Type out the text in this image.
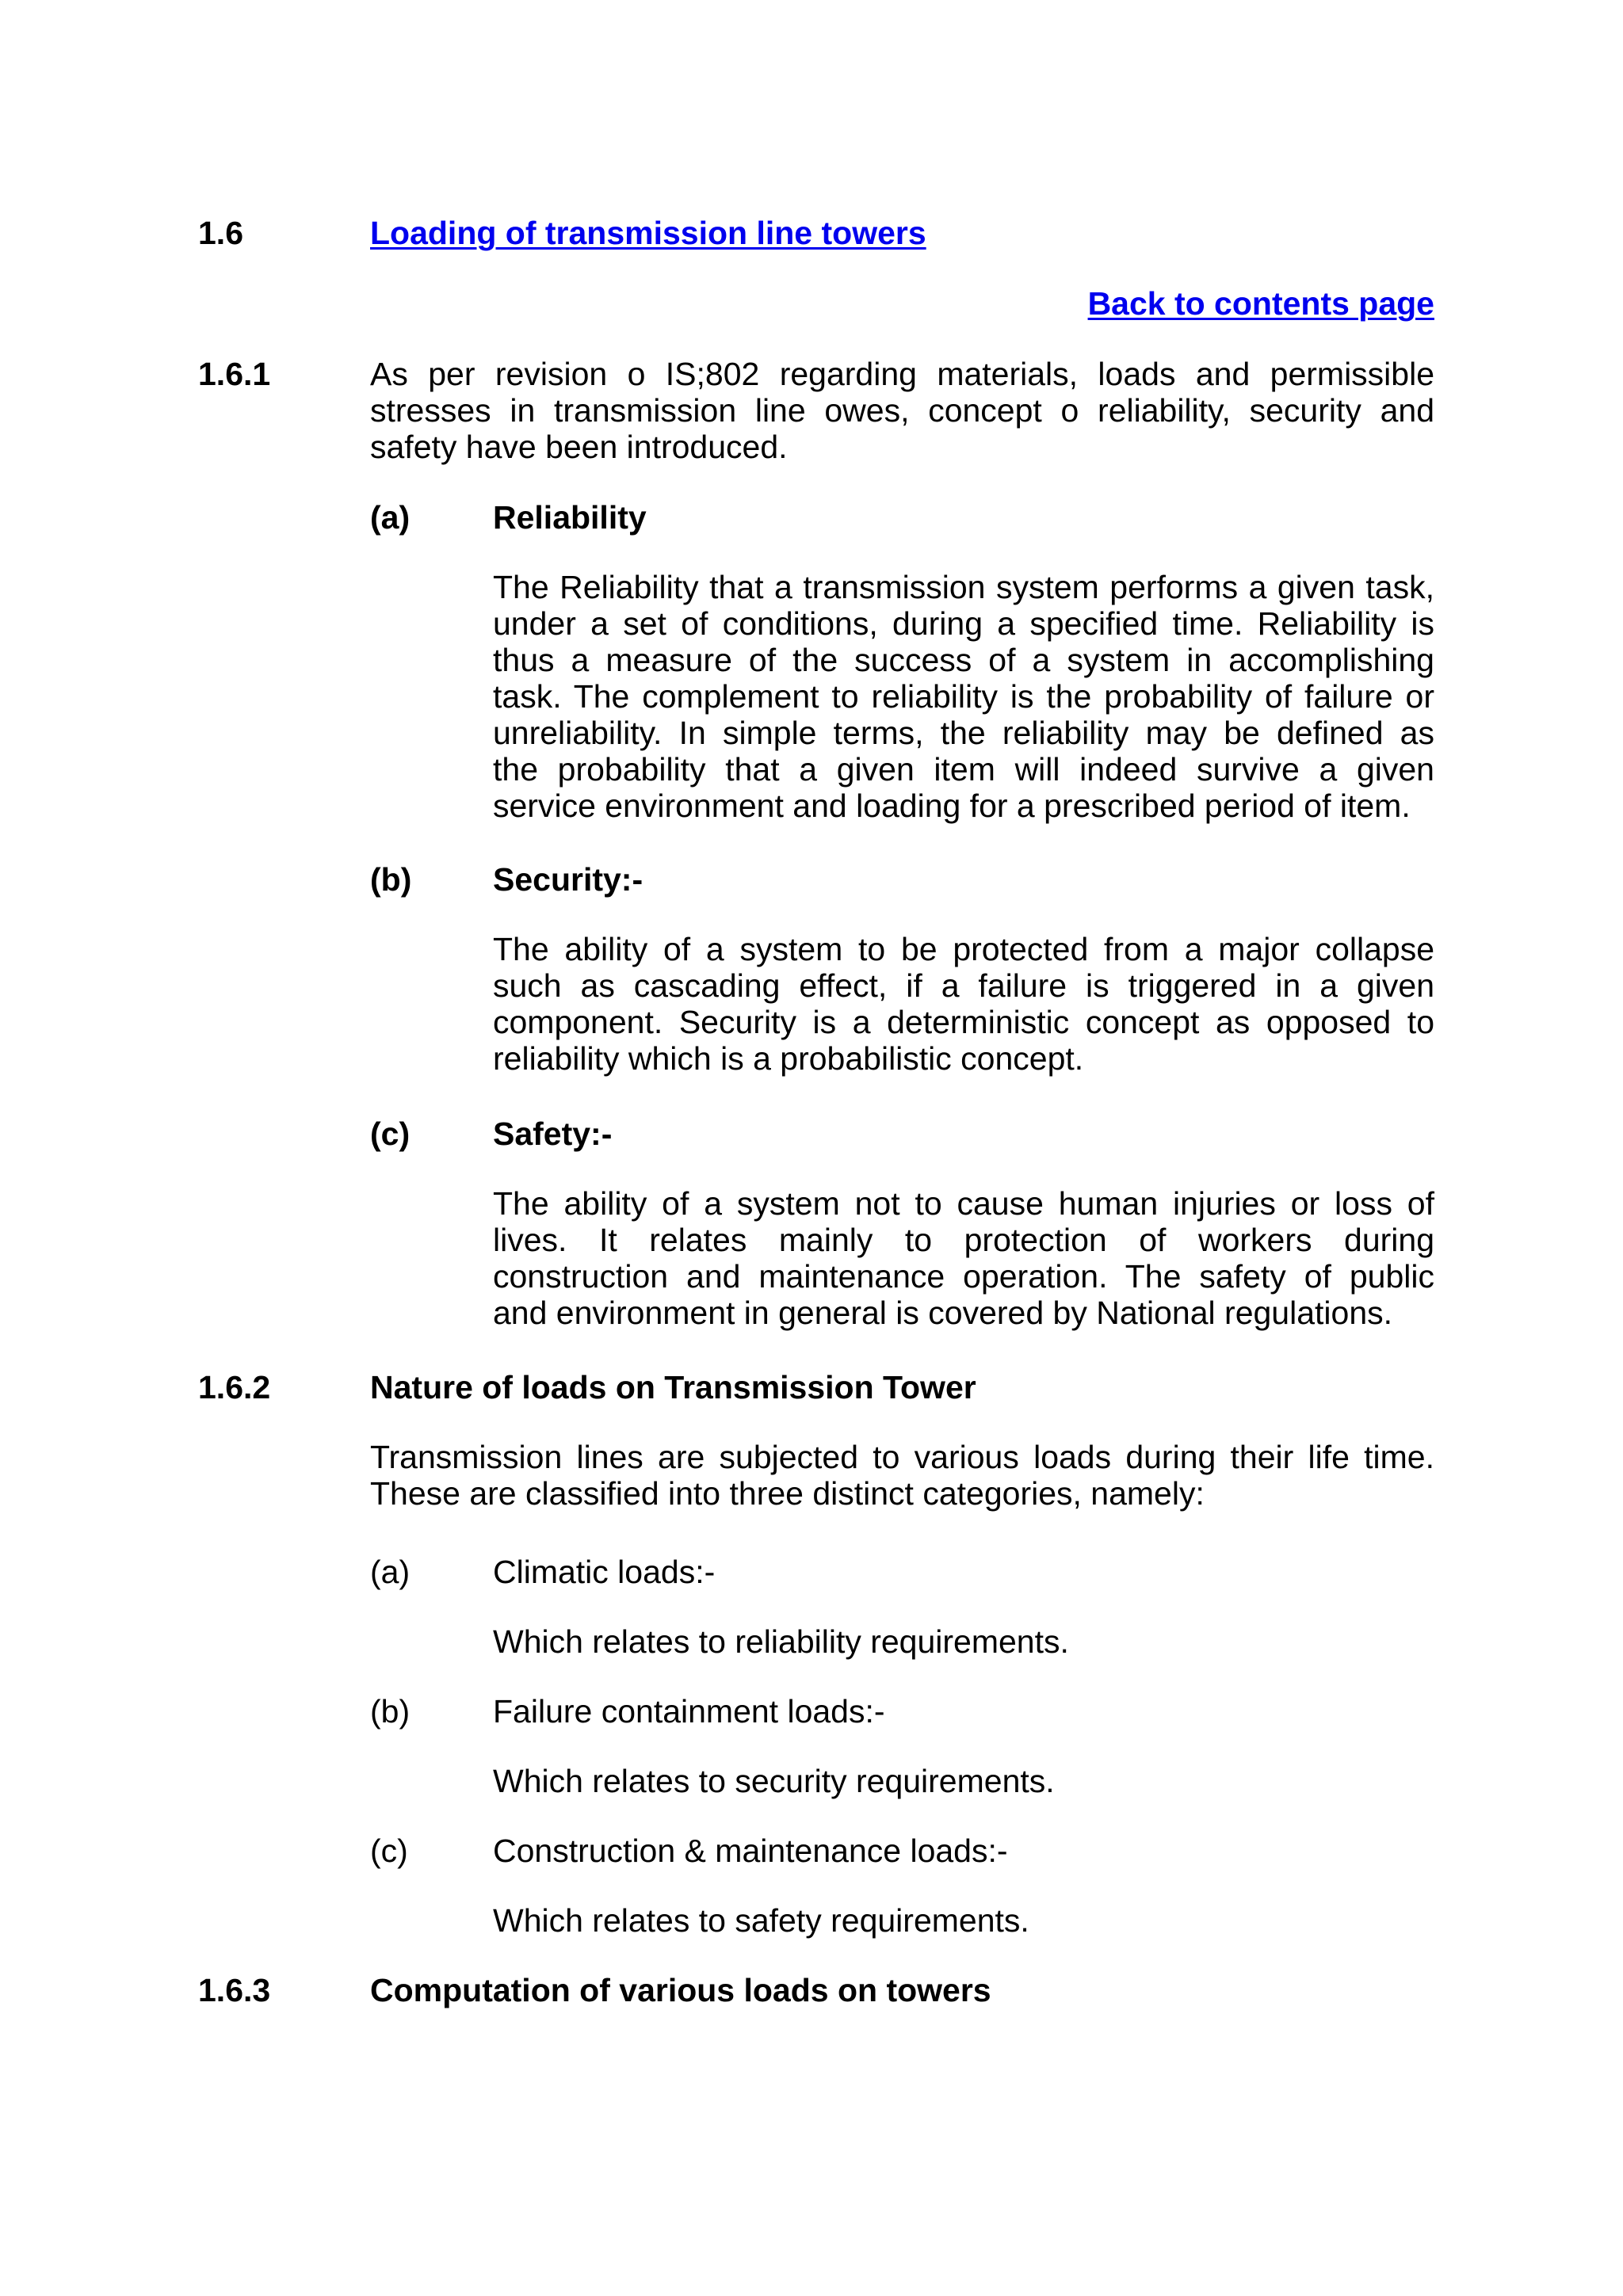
1.6	Loading of transmission line towers
Back to contents page
1.6.1	As per revision o IS;802 regarding materials, loads and permissible
stresses in transmission line owes, concept o reliability, security and
safety have been introduced.
(a)	Reliability
The Reliability that a transmission system performs a given task,
under a set of conditions, during a specified time. Reliability is
thus a measure of the success of a system in accomplishing
task. The complement to reliability is the probability of failure or
unreliability. In simple terms, the reliability may be defined as
the probability that a given item will indeed survive a given
service environment and loading for a prescribed period of item.
(b)	Security:-
The ability of a system to be protected from a major collapse
such as cascading effect, if a failure is triggered in a given
component. Security is a deterministic concept as opposed to
reliability which is a probabilistic concept.
(c)	Safety:-
The ability of a system not to cause human injuries or loss of
lives. It relates mainly to protection of workers during
construction and maintenance operation. The safety of public
and environment in general is covered by National regulations.
1.6.2	Nature of loads on Transmission Tower
Transmission lines are subjected to various loads during their life time.
These are classified into three distinct categories, namely:
(a)	Climatic loads:-
Which relates to reliability requirements.
(b)	Failure containment loads:-
Which relates to security requirements.
(c)	Construction & maintenance loads:-
Which relates to safety requirements.
1.6.3	Computation of various loads on towers
